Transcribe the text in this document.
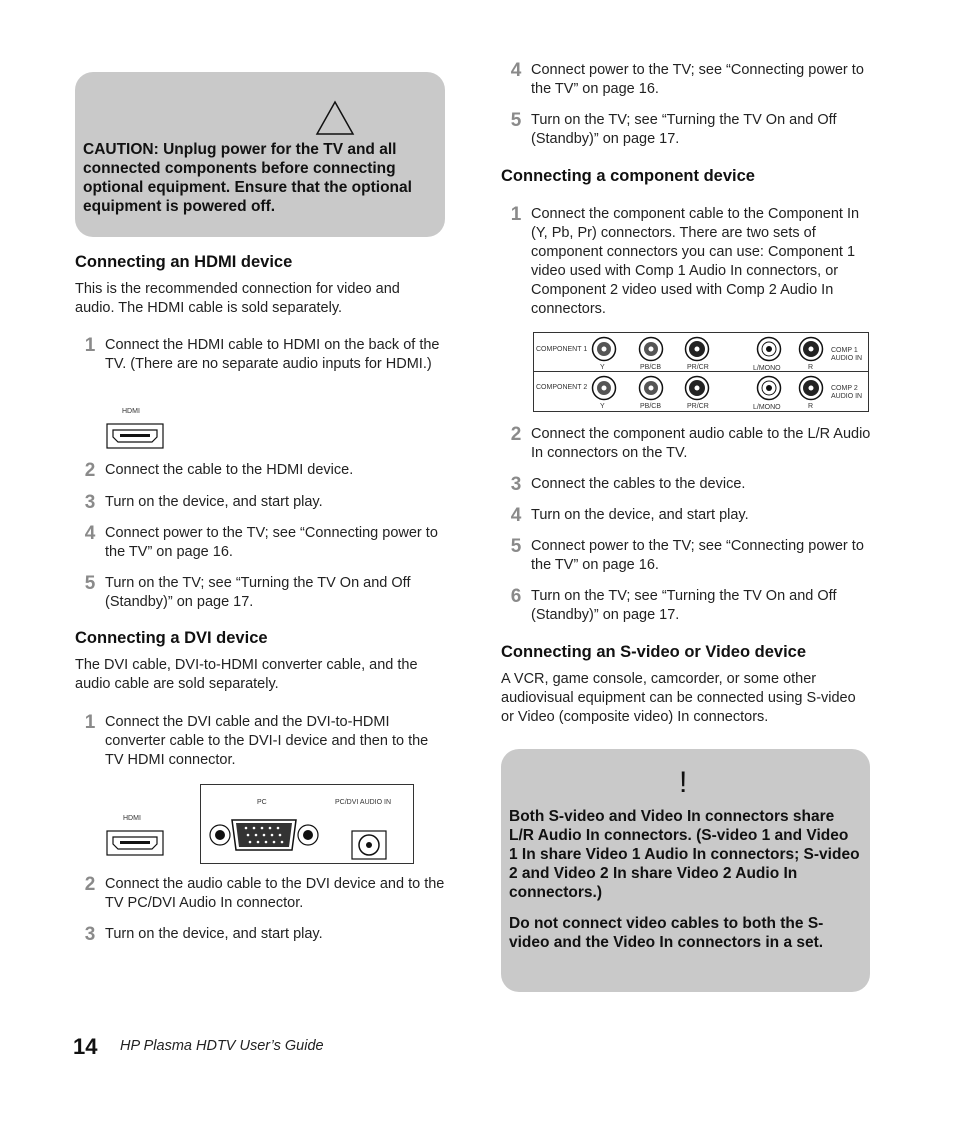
CAUTION: Unplug power for the TV and all connected components before connecting optional equipment. Ensure that the optional equipment is powered off.

Connecting an HDMI device

This is the recommended connection for video and audio. The HDMI cable is sold separately.

1 Connect the HDMI cable to HDMI on the back of the TV. (There are no separate audio inputs for HDMI.)
HDMI
2 Connect the cable to the HDMI device.
3 Turn on the device, and start play.
4 Connect power to the TV; see “Connecting power to the TV” on page 16.
5 Turn on the TV; see “Turning the TV On and Off (Standby)” on page 17.
Connecting a DVI device

The DVI cable, DVI-to-HDMI converter cable, and the audio cable are sold separately.

1 Connect the DVI cable and the DVI-to-HDMI converter cable to the DVI-I device and then to the TV HDMI connector.
HDMI
PC	PC/DVI AUDIO IN
2 Connect the audio cable to the DVI device and to the TV PC/DVI Audio In connector.
3 Turn on the device, and start play.
4 Connect power to the TV; see “Connecting power to the TV” on page 16.
5 Turn on the TV; see “Turning the TV On and Off (Standby)” on page 17.
Connecting a component device
1 Connect the component cable to the Component In (Y, Pb, Pr) connectors. There are two sets of component connectors you can use: Component 1 video used with Comp 1 Audio In connectors, or Component 2 video used with Comp 2 Audio In connectors.
COMPONENT 1
COMPONENT 2
Y	PB/CB	PR/CR	L/MONO	R
COMP 1
AUDIO IN
Y	PB/CB	PR/CR	L/MONO	R
COMP 2
AUDIO IN
2 Connect the component audio cable to the L/R Audio In connectors on the TV.
3 Connect the cables to the device.
4 Turn on the device, and start play.
5 Connect power to the TV; see “Connecting power to the TV” on page 16.
6 Turn on the TV; see “Turning the TV On and Off (Standby)” on page 17.
Connecting an S-video or Video device

A VCR, game console, camcorder, or some other audiovisual equipment can be connected using S-video or Video (composite video) In connectors.

!

Both S-video and Video In connectors share L/R Audio In connectors. (S-video 1 and Video 1 In share Video 1 Audio In connectors; S-video 2 and Video 2 In share Video 2 Audio In connectors.)

Do not connect video cables to both the S-video and the Video In connectors in a set.

14 HP Plasma HDTV User’s Guide
